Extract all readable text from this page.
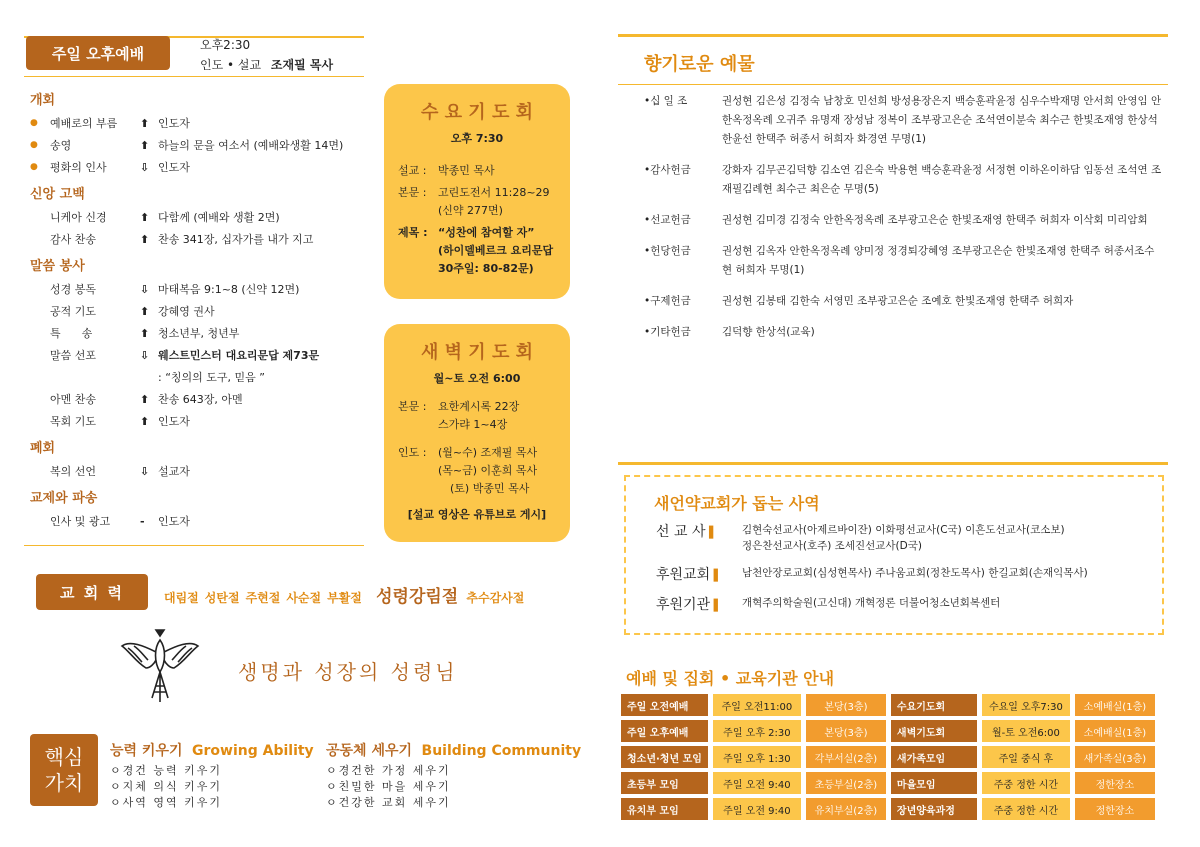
주일 오후예배	오후2:30
인도 • 설교 조재필 목사
개회
●	예배로의 부름	⬆ 인도자
●	송영	⬆ 하늘의 문을 여소서 (예배와생활 14면)
●	평화의 인사	⇩ 인도자
신앙 고백
니케아 신경	⬆ 다함께 (예배와 생활 2면)
감사 찬송	⬆ 찬송 341장, 십자가를 내가 지고
말씀 봉사
성경 봉독	⇩ 마태복음 9:1~8 (신약 12면)
공적 기도	⬆ 강혜영 권사
특      송	⬆ 청소년부, 청년부
말씀 선포	⇩ 웨스트민스터 대요리문답 제73문
: “칭의의 도구, 믿음 ”
아멘 찬송	⬆ 찬송 643장, 아멘
목회 기도	⬆ 인도자
폐회
복의 선언	⇩ 설교자
교제와 파송
인사 및 광고	-	인도자
수 요 기 도 회
오후 7:30
설교 : 박종민 목사
본문 : 고린도전서 11:28~29
(신약 277면)
제목 : “성찬에 참여할 자”
(하이델베르크 요리문답
30주일: 80-82문)
새 벽 기 도 회
월~토 오전 6:00
본문 : 요한계시록 22장
스가랴 1~4장
인도 : (월~수) 조재필 목사
(목~금) 이훈희 목사
(토) 박종민 목사
[설교 영상은 유튜브로 게시]
교 회 력	대림절 성탄절 주현절 사순절 부활절 성령강림절 추수감사절
생명과 성장의 성령님
핵심
가치
능력 키우기 Growing Ability
ㅇ경건 능력 키우기
ㅇ지체 의식 키우기
ㅇ사역 영역 키우기
공동체 세우기 Building Community
ㅇ경건한 가정 세우기
ㅇ친밀한 마을 세우기
ㅇ건강한 교회 세우기
향기로운 예물
•십 일 조	권성현 김은성 김정숙 남창호 민선희 방성용장은지 백승훈곽윤정 심우수박재명 안서희 안영임 안한옥정옥례 오귀주 유명재 장성남 정복이 조부광고은순 조석연이분숙 최수근 한빛조재영 한상석 한윤선 한택주 허종서 허희자 화경연 무명(1)
•감사헌금	강화자 김무곤김덕향 김소연 김은숙 박용현 백승훈곽윤정 서정현 이하온이하담 임동선 조석연 조재필김례현 최수근 최은순 무명(5)
•선교헌금	권성현 김미경 김정숙 안한옥정옥례 조부광고은순 한빛조재영 한택주 허희자 이삭회 미리암회
•헌당헌금	권성현 김옥자 안한옥정옥례 양미정 정경퇴강혜영 조부광고은순 한빛조재영 한택주 허종서조수현 허희자 무명(1)
•구제헌금	권성현 김봉태 김한숙 서영민 조부광고은순 조예호 한빛조재영 한택주 허희자
•기타헌금	김덕향 한상석(교육)
새언약교회가 돕는 사역
선 교 사 ▌	김현숙선교사(아제르바이잔) 이화평선교사(C국) 이흔도선교사(코소보)
정은찬선교사(호주) 조세진선교사(D국)
후원교회 ▌	남천안장로교회(심성현목사) 주나움교회(정찬도목사) 한길교회(손재익목사)
후원기관 ▌	개혁주의학술원(고신대) 개혁정론 더불어청소년회복센터
예배 및 집회 • 교육기관 안내
주일 오전예배	주일 오전11:00	본당(3층)	수요기도회	수요일 오후7:30	소예배실(1층)
주일 오후예배	주일 오후 2:30	본당(3층)	새벽기도회	월-토 오전6:00	소예배실(1층)
청소년·청년 모임	주일 오후 1:30	각부서실(2층)	새가족모임	주일 중식 후	새가족실(3층)
초등부 모임	주일 오전 9:40	초등부실(2층)	마을모임	주중 정한 시간	정한장소
유치부 모임	주일 오전 9:40	유치부실(2층)	장년양육과정	주중 정한 시간	정한장소
